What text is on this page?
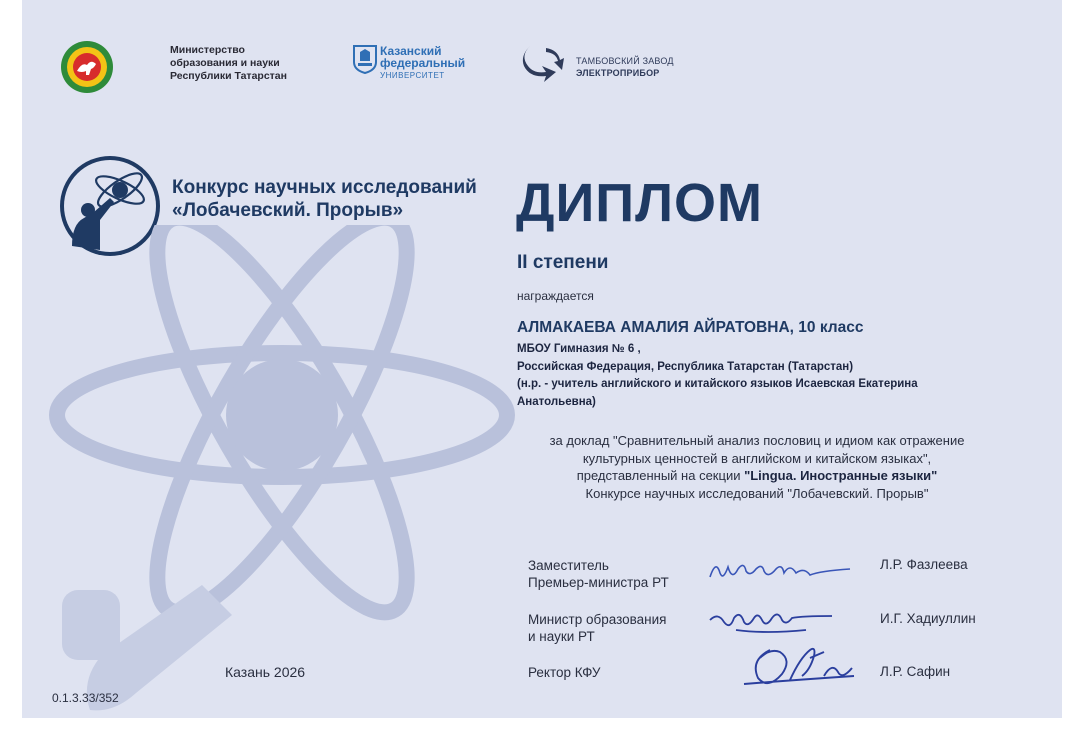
Министерство
образования и науки
Республики Татарстан
Казанский
федеральный
УНИВЕРСИТЕТ
ТАМБОВСКИЙ ЗАВОД
ЭЛЕКТРОПРИБОР
Конкурс научных исследований
«Лобачевский. Прорыв»
Казань 2026
0.1.3.33/352
ДИПЛОМ
II степени
награждается
АЛМАКАЕВА АМАЛИЯ АЙРАТОВНА, 10 класс
МБОУ Гимназия № 6 ,
Российская Федерация, Республика Татарстан (Татарстан)
(н.р. - учитель английского и китайского языков Исаевская Екатерина
Анатольевна)
за доклад "Сравнительный анализ пословиц и идиом как отражение
культурных ценностей в английском и китайском языках",
представленный на секции "Lingua. Иностранные языки"
Конкурсе научных исследований "Лобачевский. Прорыв"
Заместитель
Премьер-министра РТ
Л.Р. Фазлеева
Министр образования
и науки РТ
И.Г. Хадиуллин
Ректор КФУ	Л.Р. Сафин
